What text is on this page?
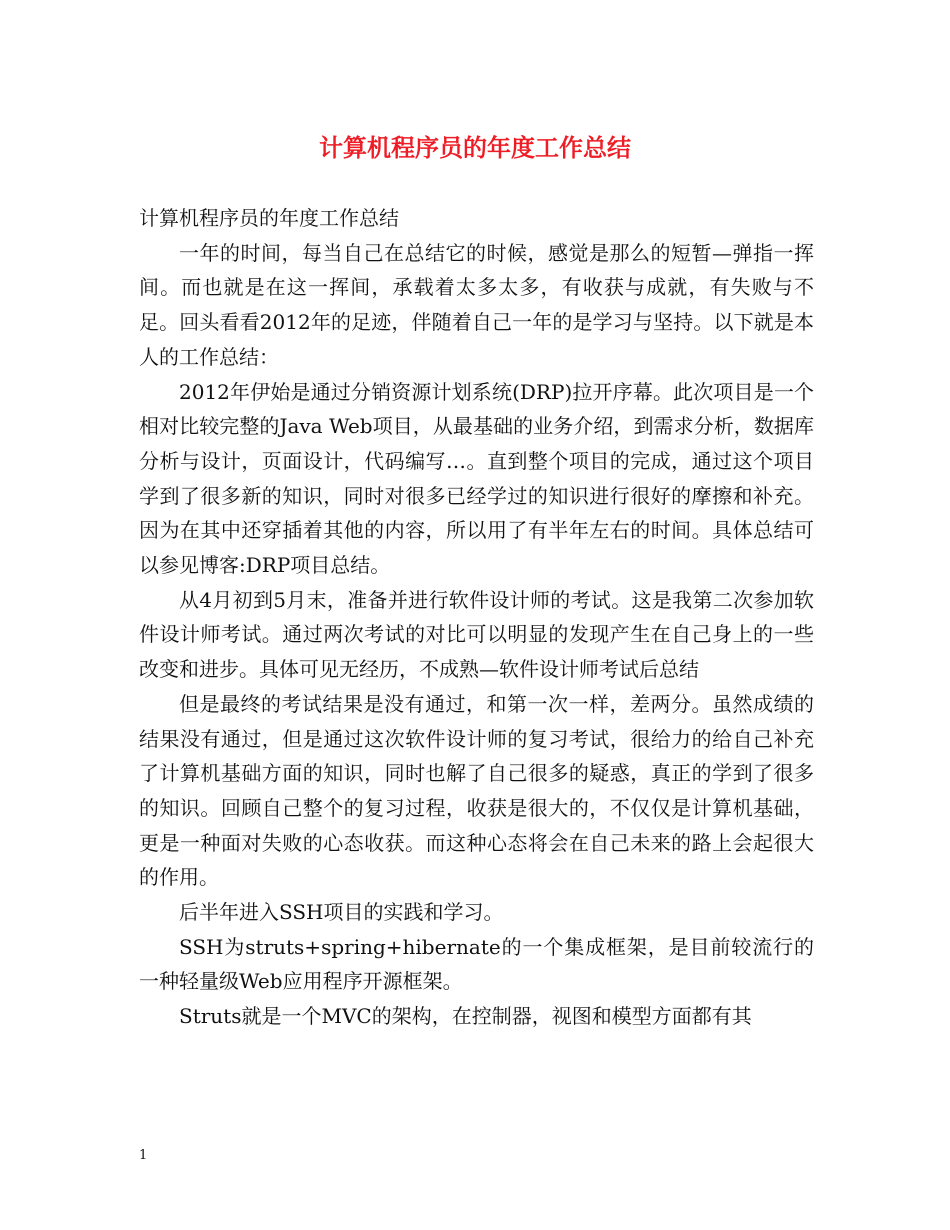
计算机程序员的年度工作总结

计算机程序员的年度工作总结

一年的时间，每当自己在总结它的时候，感觉是那么的短暂—弹指一挥间。而也就是在这一挥间，承载着太多太多，有收获与成就，有失败与不足。回头看看2012年的足迹，伴随着自己一年的是学习与坚持。以下就是本人的工作总结：

2012年伊始是通过分销资源计划系统(DRP)拉开序幕。此次项目是一个相对比较完整的Java Web项目，从最基础的业务介绍，到需求分析，数据库分析与设计，页面设计，代码编写…。直到整个项目的完成，通过这个项目学到了很多新的知识，同时对很多已经学过的知识进行很好的摩擦和补充。因为在其中还穿插着其他的内容，所以用了有半年左右的时间。具体总结可以参见博客:DRP项目总结。

从4月初到5月末，准备并进行软件设计师的考试。这是我第二次参加软件设计师考试。通过两次考试的对比可以明显的发现产生在自己身上的一些改变和进步。具体可见无经历，不成熟—软件设计师考试后总结

但是最终的考试结果是没有通过，和第一次一样，差两分。虽然成绩的结果没有通过，但是通过这次软件设计师的复习考试，很给力的给自己补充了计算机基础方面的知识，同时也解了自己很多的疑惑，真正的学到了很多的知识。回顾自己整个的复习过程，收获是很大的，不仅仅是计算机基础，更是一种面对失败的心态收获。而这种心态将会在自己未来的路上会起很大的作用。

后半年进入SSH项目的实践和学习。

SSH为struts+spring+hibernate的一个集成框架，是目前较流行的一种轻量级Web应用程序开源框架。

Struts就是一个MVC的架构，在控制器，视图和模型方面都有其

1
